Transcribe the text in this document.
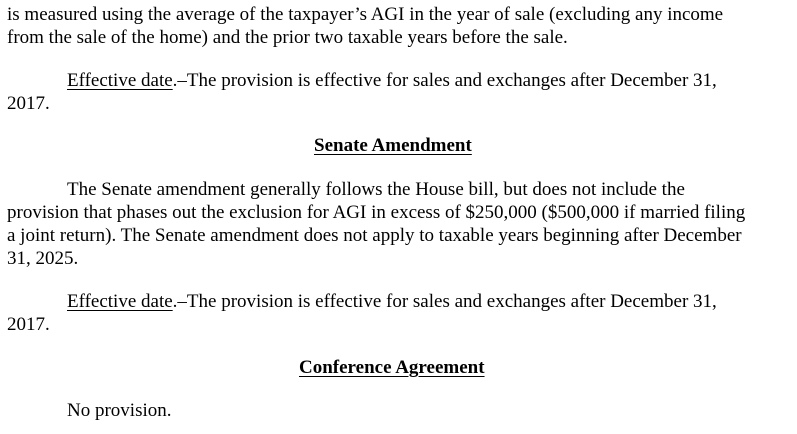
is measured using the average of the taxpayer’s AGI in the year of sale (excluding any income
from the sale of the home) and the prior two taxable years before the sale.
Effective date.–The provision is effective for sales and exchanges after December 31,
2017.
Senate Amendment
The Senate amendment generally follows the House bill, but does not include the
provision that phases out the exclusion for AGI in excess of $250,000 ($500,000 if married filing
a joint return). The Senate amendment does not apply to taxable years beginning after December
31, 2025.
Effective date.–The provision is effective for sales and exchanges after December 31,
2017.
Conference Agreement
No provision.
